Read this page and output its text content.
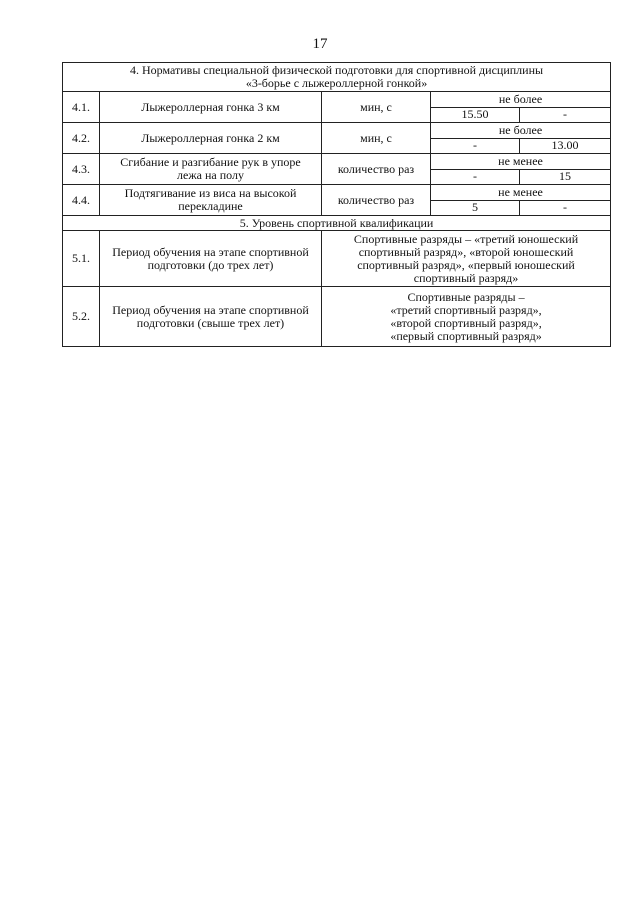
17
4. Нормативы специальной физической подготовки для спортивной дисциплины
«3-борье с лыжероллерной гонкой»				

4.1.	Лыжероллерная гонка 3 км	мин, с	не более	
			15.50	-
4.2.	Лыжероллерная гонка 2 км	мин, с	не более	
			-	13.00
4.3.	Сгибание и разгибание рук в упоре
лежа на полу	количество раз	не менее	
			-	15
4.4.	Подтягивание из виса на высокой
перекладине	количество раз	не менее	
			5	-
5. Уровень спортивной квалификации				
5.1.	Период обучения на этапе спортивной
подготовки (до трех лет)	Спортивные разряды – «третий юношеский
спортивный разряд», «второй юношеский
спортивный разряд», «первый юношеский
спортивный разряд»		

5.2.	Период обучения на этапе спортивной
подготовки (свыше трех лет)	Спортивные разряды –
«третий спортивный разряд»,
«второй спортивный разряд»,
«первый спортивный разряд»		
